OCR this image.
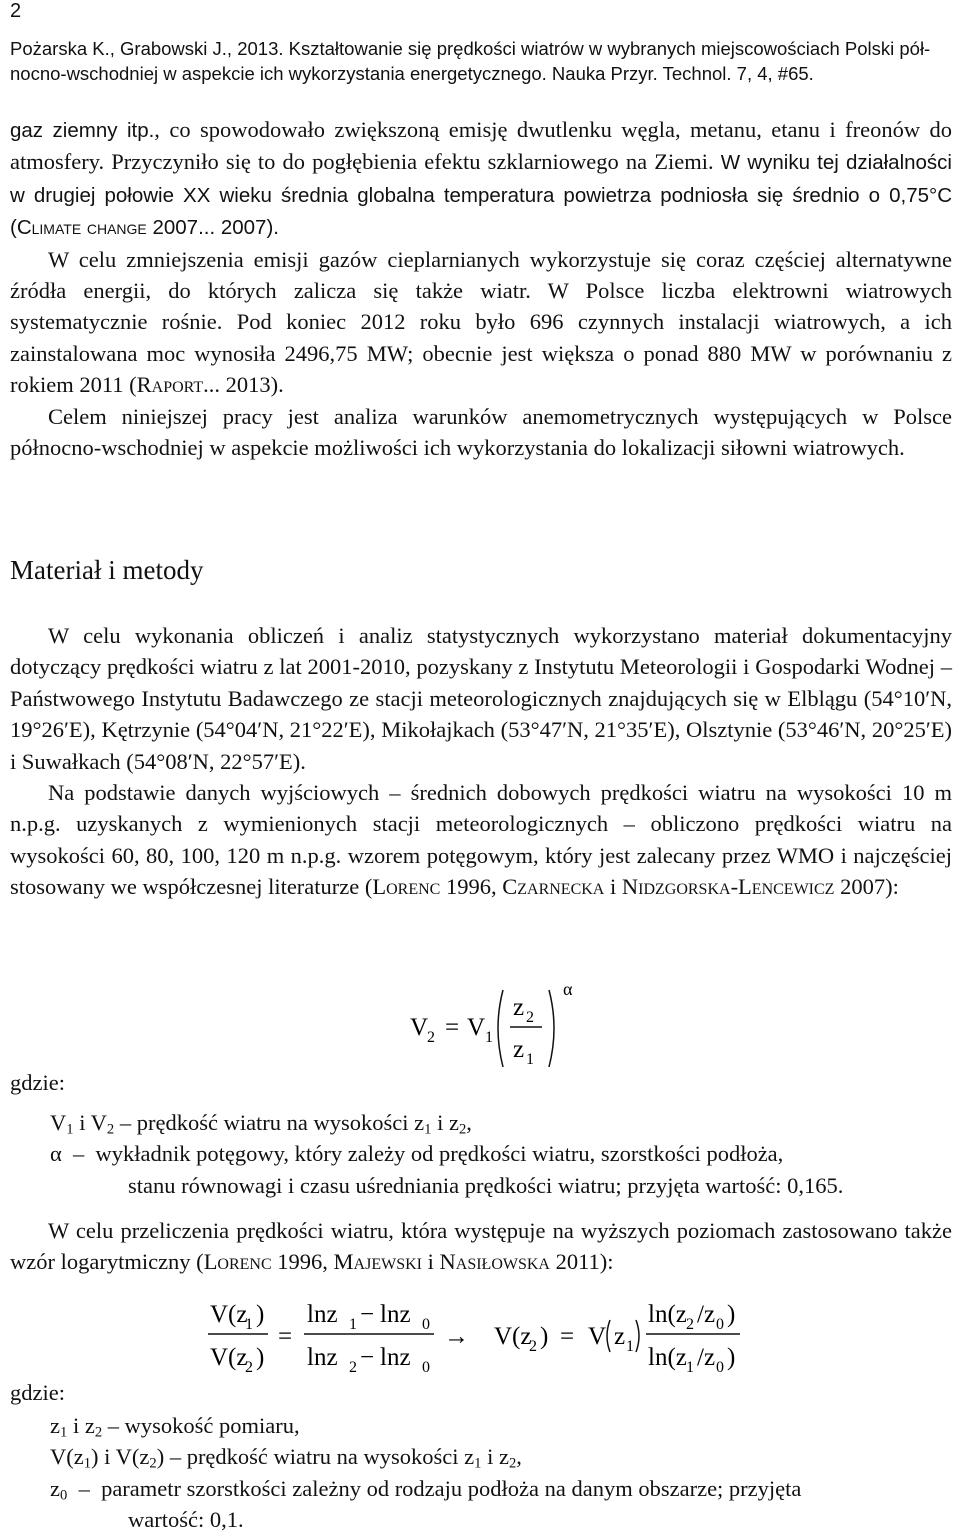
2
Pożarska K., Grabowski J., 2013. Kształtowanie się prędkości wiatrów w wybranych miejscowościach Polski pół-
nocno-wschodniej w aspekcie ich wykorzystania energetycznego. Nauka Przyr. Technol. 7, 4, #65.

gaz ziemny itp., co spowodowało zwiększoną emisję dwutlenku węgla, metanu, etanu i freonów do atmosfery. Przyczyniło się to do pogłębienia efektu szklarniowego na Ziemi. W wyniku tej działalności w drugiej połowie XX wieku średnia globalna temperatura powietrza podniosła się średnio o 0,75°C (Climate change 2007... 2007).

W celu zmniejszenia emisji gazów cieplarnianych wykorzystuje się coraz częściej alternatywne źródła energii, do których zalicza się także wiatr. W Polsce liczba elektrowni wiatrowych systematycznie rośnie. Pod koniec 2012 roku było 696 czynnych instalacji wiatrowych, a ich zainstalowana moc wynosiła 2496,75 MW; obecnie jest większa o ponad 880 MW w porównaniu z rokiem 2011 (Raport... 2013).

Celem niniejszej pracy jest analiza warunków anemometrycznych występujących w Polsce północno-wschodniej w aspekcie możliwości ich wykorzystania do lokalizacji siłowni wiatrowych.

Materiał i metody

W celu wykonania obliczeń i analiz statystycznych wykorzystano materiał dokumentacyjny dotyczący prędkości wiatru z lat 2001-2010, pozyskany z Instytutu Meteorologii i Gospodarki Wodnej – Państwowego Instytutu Badawczego ze stacji meteorologicznych znajdujących się w Elblągu (54°10′N, 19°26′E), Kętrzynie (54°04′N, 21°22′E), Mikołajkach (53°47′N, 21°35′E), Olsztynie (53°46′N, 20°25′E) i Suwałkach (54°08′N, 22°57′E).

Na podstawie danych wyjściowych – średnich dobowych prędkości wiatru na wysokości 10 m n.p.g. uzyskanych z wymienionych stacji meteorologicznych – obliczono prędkości wiatru na wysokości 60, 80, 100, 120 m n.p.g. wzorem potęgowym, który jest zalecany przez WMO i najczęściej stosowany we współczesnej literaturze (Lorenc 1996, Czarnecka i Nidzgorska-Lencewicz 2007):

V
2 = V 1
z 2
z 1
α
gdzie:
$V_1$ i $V_2$ – prędkość wiatru na wysokości $z_1$ i $z_2$,
α – wykładnik potęgowy, który zależy od prędkości wiatru, szorstkości podłoża,
stanu równowagi i czasu uśredniania prędkości wiatru; przyjęta wartość: 0,165.

W celu przeliczenia prędkości wiatru, która występuje na wyższych poziomach zastosowano także wzór logarytmiczny (Lorenc 1996, Majewski i Nasiłowska 2011):

V(z
1 )
V(z
2 )
=
lnz 1 − lnz 0
lnz 2 − lnz 0
→ V(z
2 ) = V z 1
ln(z 2 /z 0 )
ln(z 1 /z 0 )
gdzie:
$z_1$ i $z_2$ – wysokość pomiaru,
$V(z_1)$ i $V(z_2)$ – prędkość wiatru na wysokości $z_1$ i $z_2$,
$z_0$ – parametr szorstkości zależny od rodzaju podłoża na danym obszarze; przyjęta
wartość: 0,1.
